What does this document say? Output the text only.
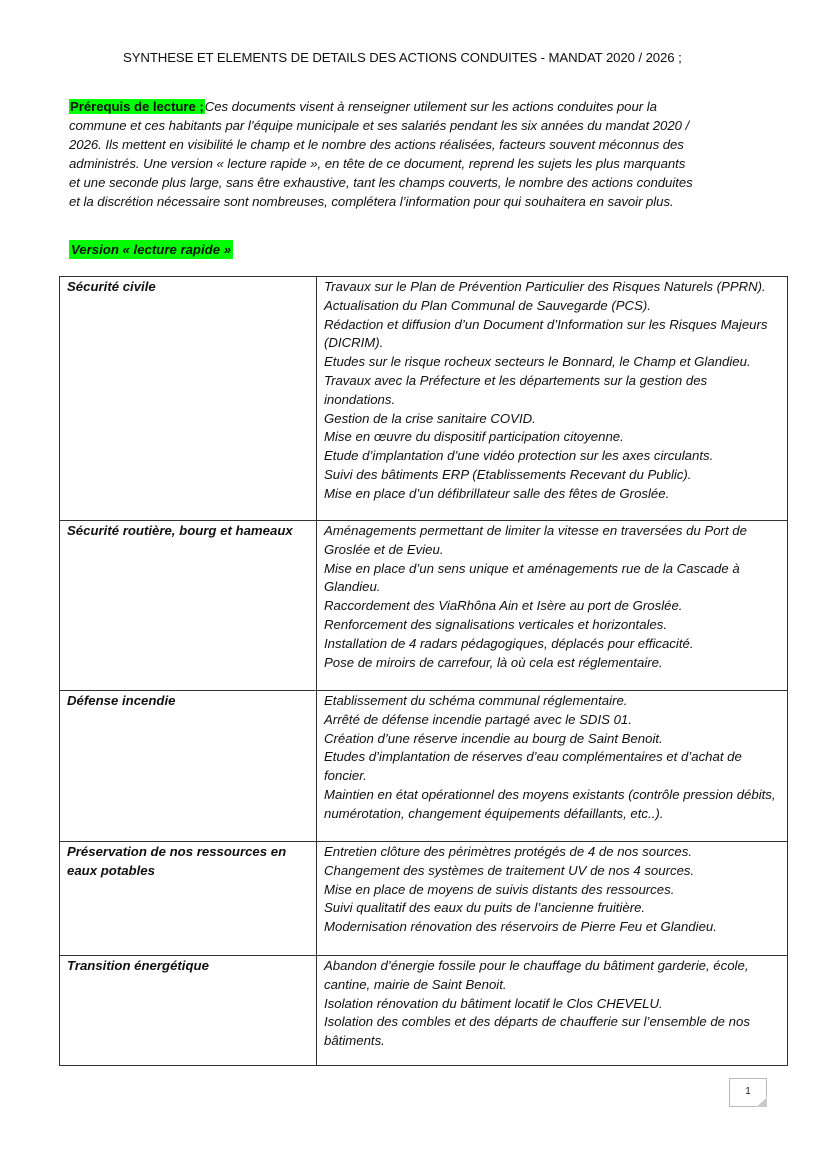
SYNTHESE ET ELEMENTS DE DETAILS DES ACTIONS CONDUITES - MANDAT 2020 / 2026 ;
Prérequis de lecture ;Ces documents visent à renseigner utilement sur les actions conduites pour la
commune et ces habitants par l’équipe municipale et ses salariés pendant les six années du mandat 2020 /
2026. Ils mettent en visibilité le champ et le nombre des actions réalisées, facteurs souvent méconnus des
administrés. Une version « lecture rapide », en tête de ce document, reprend les sujets les plus marquants
et une seconde plus large, sans être exhaustive, tant les champs couverts, le nombre des actions conduites
et la discrétion nécessaire sont nombreuses, complétera l’information pour qui souhaitera en savoir plus.
Version « lecture rapide »
Sécurité civile	Travaux sur le Plan de Prévention Particulier des Risques Naturels (PPRN).
Actualisation du Plan Communal de Sauvegarde (PCS).
Rédaction et diffusion d’un Document d’Information sur les Risques Majeurs (DICRIM).
Etudes sur le risque rocheux secteurs le Bonnard, le Champ et Glandieu.
Travaux avec la Préfecture et les départements sur la gestion des inondations.
Gestion de la crise sanitaire COVID.
Mise en œuvre du dispositif participation citoyenne.
Etude d’implantation d’une vidéo protection sur les axes circulants.
Suivi des bâtiments ERP (Etablissements Recevant du Public).
Mise en place d’un défibrillateur salle des fêtes de Groslée.

Sécurité routière, bourg et hameaux	Aménagements permettant de limiter la vitesse en traversées du Port de Groslée et de Evieu.
Mise en place d’un sens unique et aménagements rue de la Cascade à Glandieu.
Raccordement des ViaRhôna Ain et Isère au port de Groslée.
Renforcement des signalisations verticales et horizontales.
Installation de 4 radars pédagogiques, déplacés pour efficacité.
Pose de miroirs de carrefour, là où cela est réglementaire.

Défense incendie	Etablissement du schéma communal réglementaire.
Arrêté de défense incendie partagé avec le SDIS 01.
Création d’une réserve incendie au bourg de Saint Benoit.
Etudes d’implantation de réserves d’eau complémentaires et d’achat de foncier.
Maintien en état opérationnel des moyens existants (contrôle pression débits, numérotation, changement équipements défaillants, etc..).

Préservation de nos ressources en eaux potables	Entretien clôture des périmètres protégés de 4 de nos sources.
Changement des systèmes de traitement UV de nos 4 sources.
Mise en place de moyens de suivis distants des ressources.
Suivi qualitatif des eaux du puits de l’ancienne fruitière.
Modernisation rénovation des réservoirs de Pierre Feu et Glandieu.

Transition énergétique	Abandon d’énergie fossile pour le chauffage du bâtiment garderie, école, cantine, mairie de Saint Benoit.
Isolation rénovation du bâtiment locatif le Clos CHEVELU.
Isolation des combles et des départs de chaufferie sur l’ensemble de nos bâtiments.
1
